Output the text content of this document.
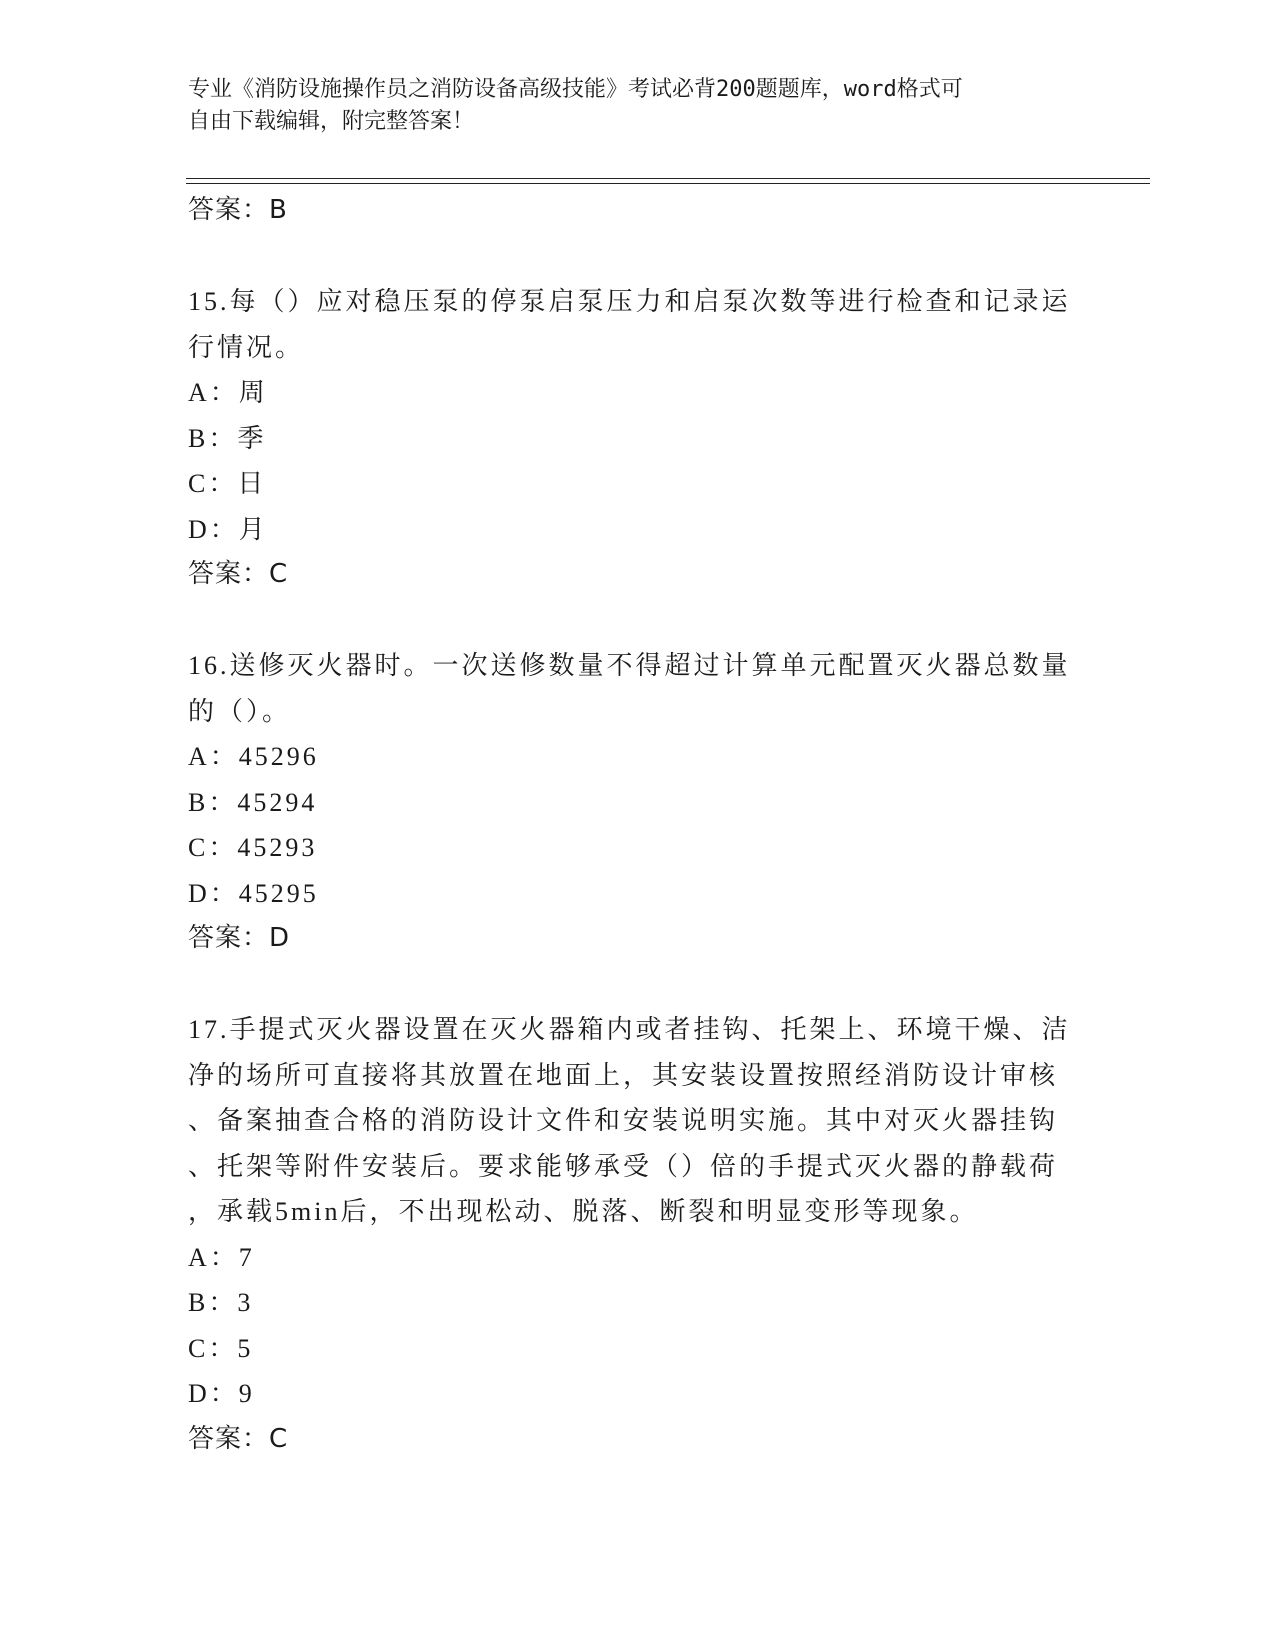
专业《消防设施操作员之消防设备高级技能》考试必背200题题库，word格式可
自由下载编辑，附完整答案！
答案：B
15.每（）应对稳压泵的停泵启泵压力和启泵次数等进行检查和记录运
行情况。
A：周
B：季
C：日
D：月
答案：C
16.送修灭火器时。一次送修数量不得超过计算单元配置灭火器总数量
的（）。
A：45296
B：45294
C：45293
D：45295
答案：D
17.手提式灭火器设置在灭火器箱内或者挂钩、托架上、环境干燥、洁
净的场所可直接将其放置在地面上，其安装设置按照经消防设计审核
、备案抽查合格的消防设计文件和安装说明实施。其中对灭火器挂钩
、托架等附件安装后。要求能够承受（）倍的手提式灭火器的静载荷
，承载5min后，不出现松动、脱落、断裂和明显变形等现象。
A：7
B：3
C：5
D：9
答案：C
